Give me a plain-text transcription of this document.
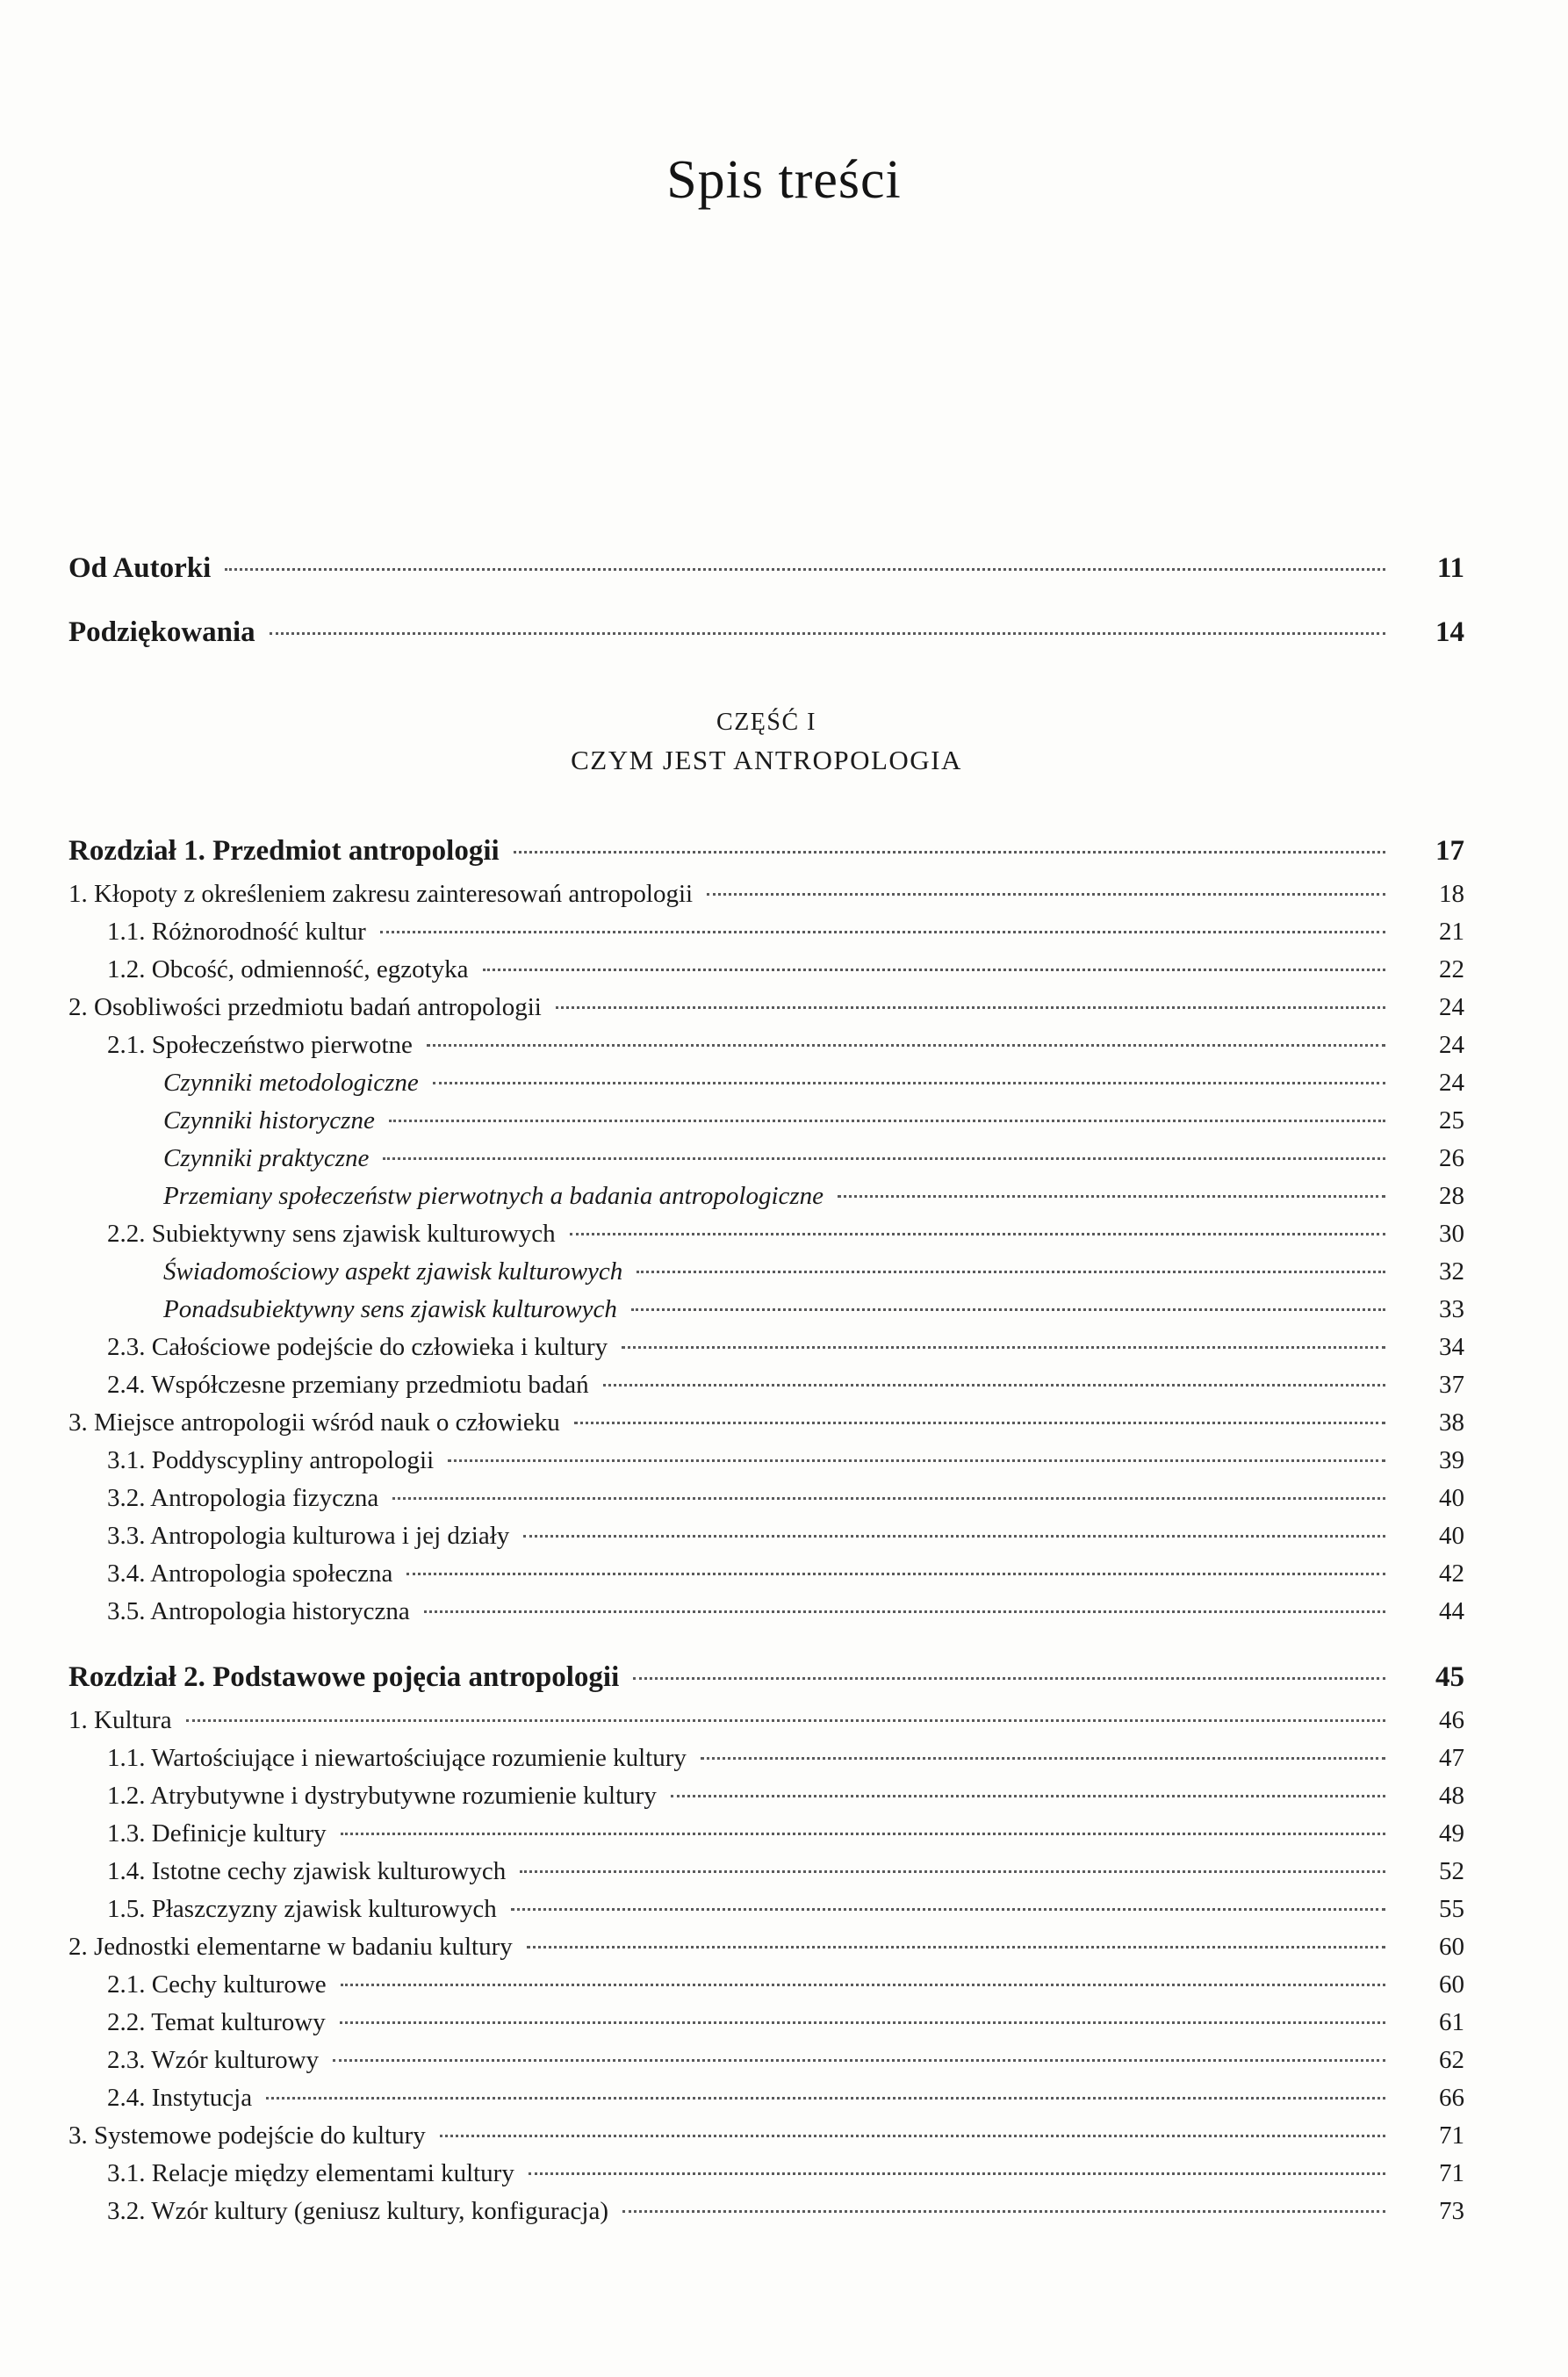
Spis treści
Od Autorki	11
Podziękowania	14
CZĘŚĆ I
CZYM JEST ANTROPOLOGIA
Rozdział 1. Przedmiot antropologii	17
1. Kłopoty z określeniem zakresu zainteresowań antropologii	18
1.1. Różnorodność kultur	21
1.2. Obcość, odmienność, egzotyka	22
2. Osobliwości przedmiotu badań antropologii	24
2.1. Społeczeństwo pierwotne	24
Czynniki metodologiczne	24
Czynniki historyczne	25
Czynniki praktyczne	26
Przemiany społeczeństw pierwotnych a badania antropologiczne	28
2.2. Subiektywny sens zjawisk kulturowych	30
Świadomościowy aspekt zjawisk kulturowych	32
Ponadsubiektywny sens zjawisk kulturowych	33
2.3. Całościowe podejście do człowieka i kultury	34
2.4. Współczesne przemiany przedmiotu badań	37
3. Miejsce antropologii wśród nauk o człowieku	38
3.1. Poddyscypliny antropologii	39
3.2. Antropologia fizyczna	40
3.3. Antropologia kulturowa i jej działy	40
3.4. Antropologia społeczna	42
3.5. Antropologia historyczna	44
Rozdział 2. Podstawowe pojęcia antropologii	45
1. Kultura	46
1.1. Wartościujące i niewartościujące rozumienie kultury	47
1.2. Atrybutywne i dystrybutywne rozumienie kultury	48
1.3. Definicje kultury	49
1.4. Istotne cechy zjawisk kulturowych	52
1.5. Płaszczyzny zjawisk kulturowych	55
2. Jednostki elementarne w badaniu kultury	60
2.1. Cechy kulturowe	60
2.2. Temat kulturowy	61
2.3. Wzór kulturowy	62
2.4. Instytucja	66
3. Systemowe podejście do kultury	71
3.1. Relacje między elementami kultury	71
3.2. Wzór kultury (geniusz kultury, konfiguracja)	73
